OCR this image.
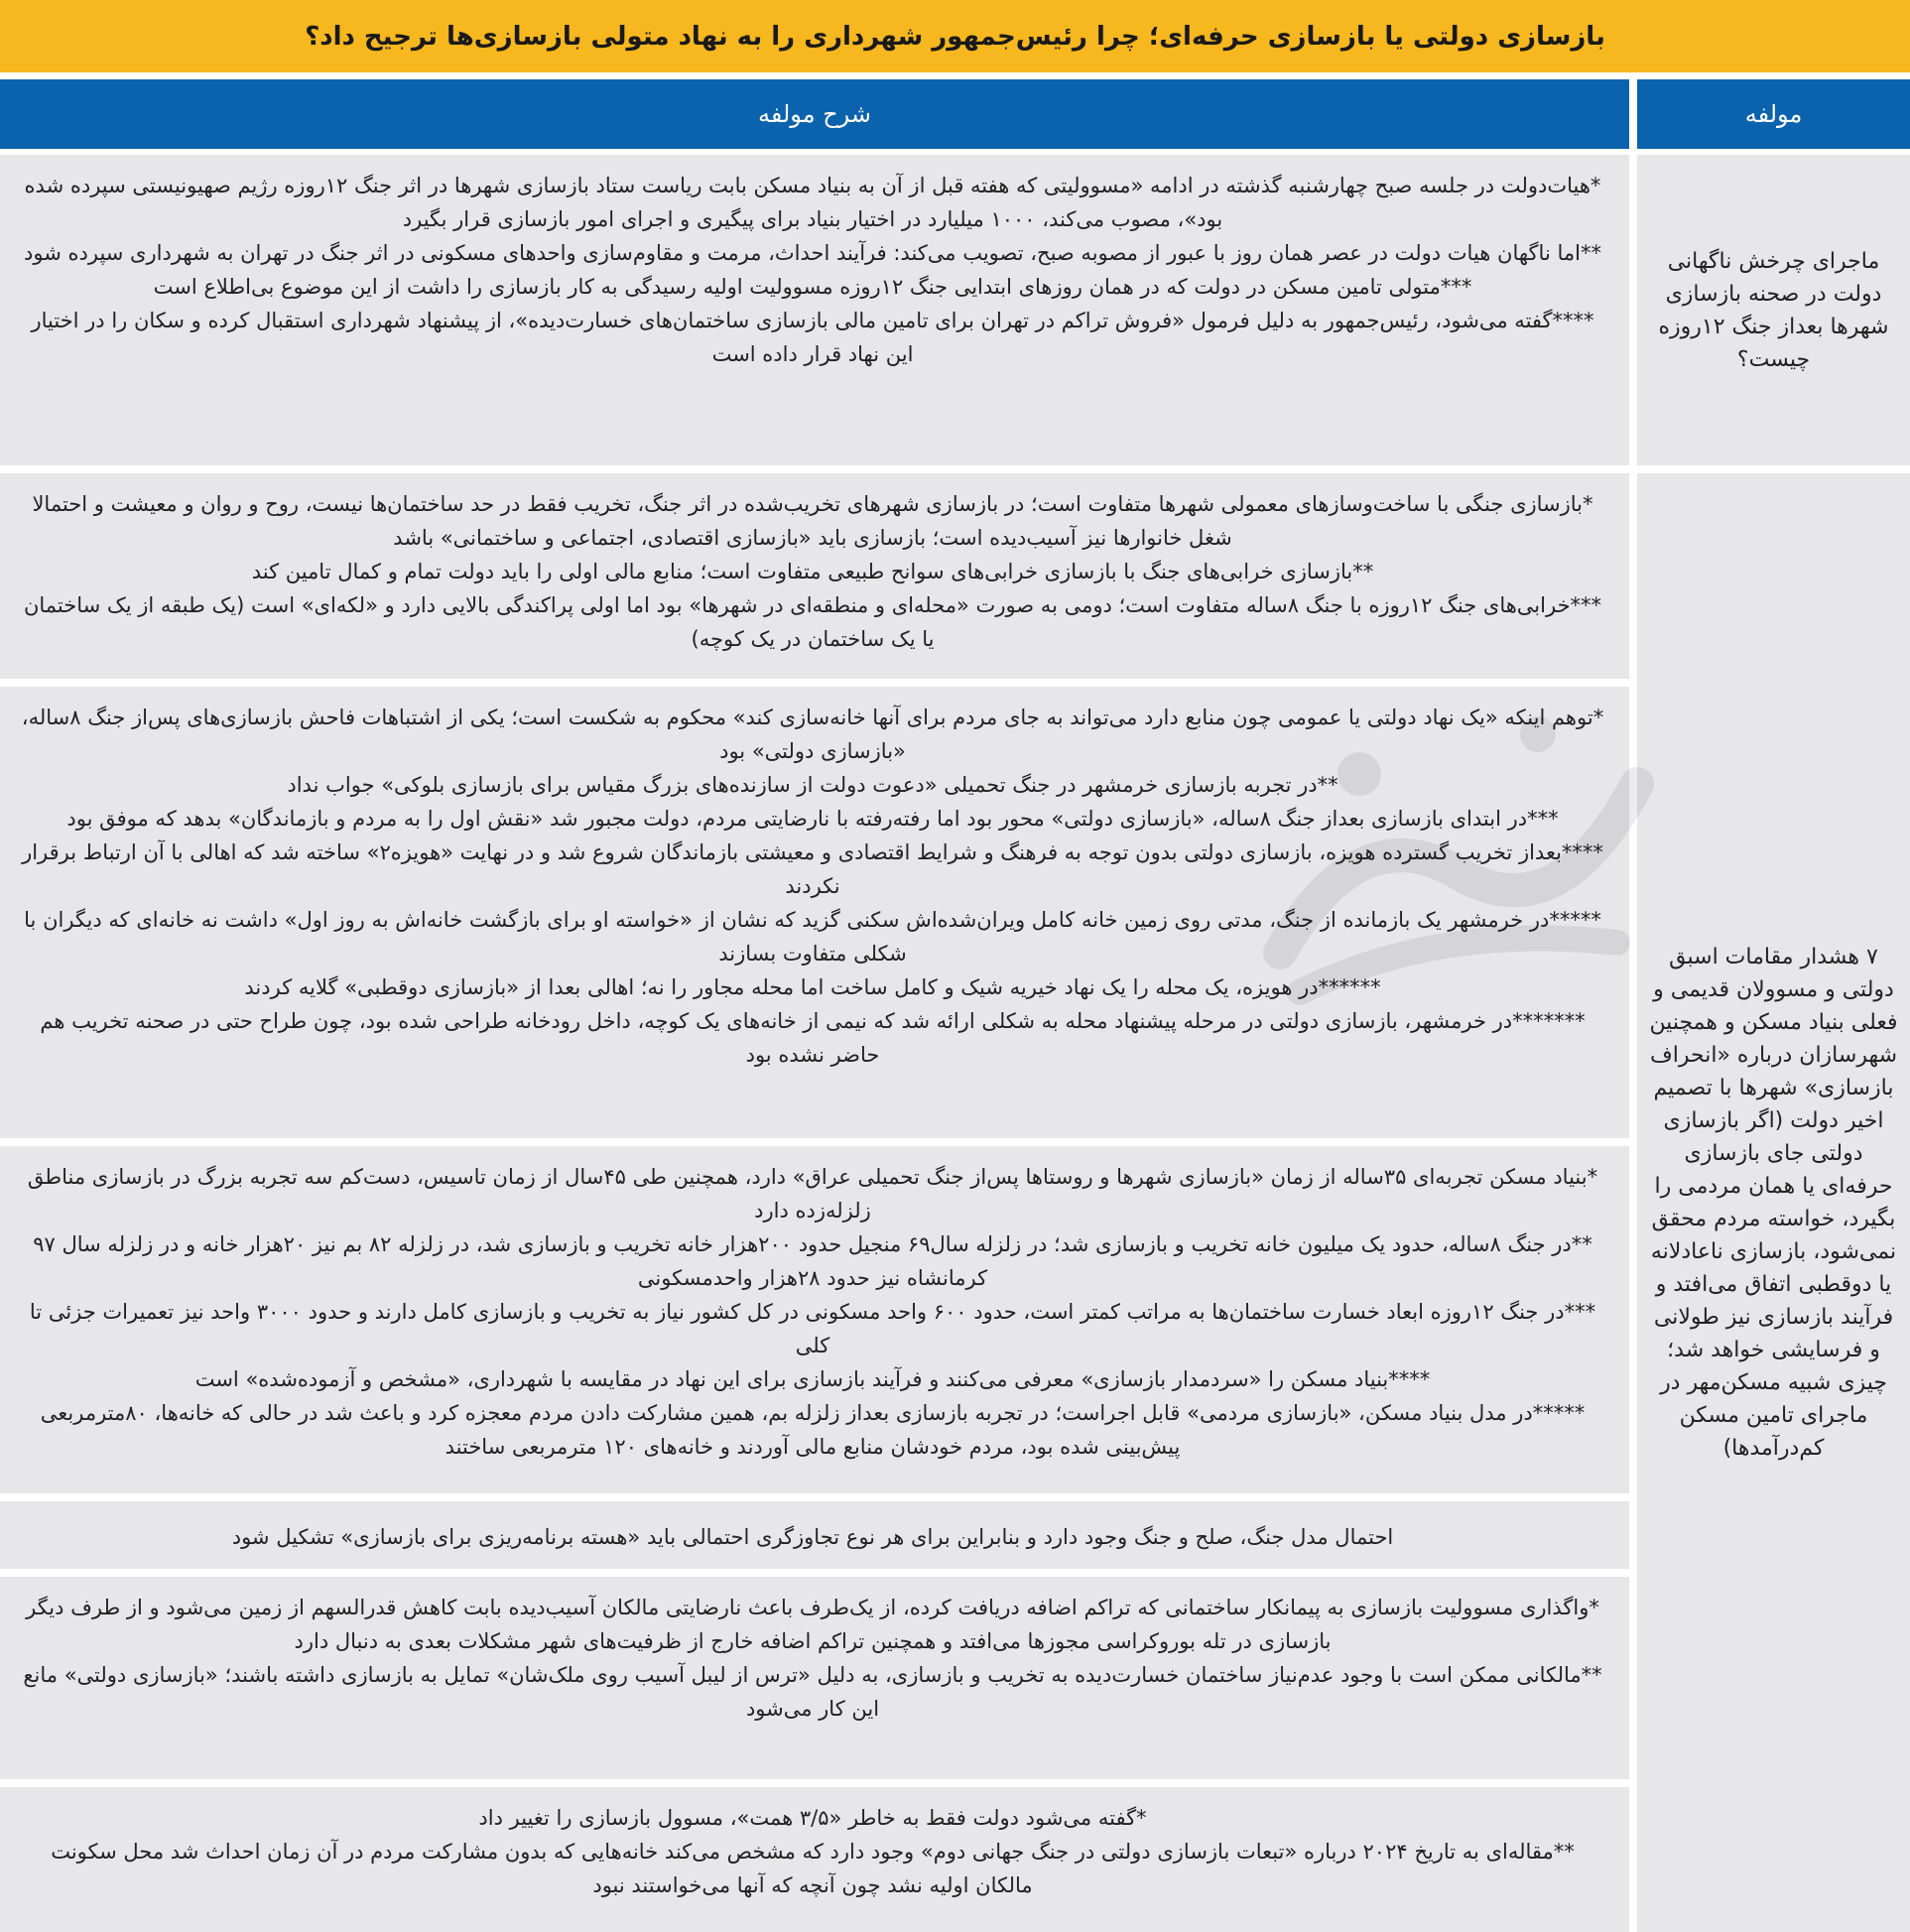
بازسازی دولتی یا بازسازی حرفه‌ای؛ چرا رئیس‌جمهور شهرداری را به نهاد متولی بازسازی‌ها ترجیح داد؟
مولفه
شرح مولفه

ماجرای چرخش ناگهانی دولت در صحنه بازسازی شهرها بعداز جنگ ۱۲روزه چیست؟

۷ هشدار مقامات اسبق دولتی و مسوولان قدیمی و فعلی بنیاد مسکن و همچنین شهرسازان درباره «انحراف بازسازی» شهرها با تصمیم اخیر دولت (اگر بازسازی دولتی جای بازسازی حرفه‌ای یا همان مردمی را بگیرد، خواسته مردم محقق نمی‌شود، بازسازی ناعادلانه یا دوقطبی اتفاق می‌افتد و فرآیند بازسازی نیز طولانی و فرسایشی خواهد شد؛ چیزی شبیه مسکن‌مهر در ماجرای تامین مسکن کم‌درآمدها)

*هیات‌دولت در جلسه صبح چهارشنبه گذشته در ادامه «مسوولیتی که هفته قبل از آن به بنیاد مسکن بابت ریاست ستاد بازسازی شهرها در اثر جنگ ۱۲روزه رژیم صهیونیستی سپرده شده بود»، مصوب می‌کند، ۱۰۰۰ میلیارد در اختیار بنیاد برای پیگیری و اجرای امور بازسازی قرار بگیرد

**اما ناگهان هیات دولت در عصر همان روز با عبور از مصوبه صبح، تصویب می‌کند: فرآیند احداث، مرمت و مقاوم‌سازی واحدهای مسکونی در اثر جنگ در تهران به شهرداری سپرده شود

***متولی تامین مسکن در دولت که در همان روزهای ابتدایی جنگ ۱۲روزه مسوولیت اولیه رسیدگی به کار بازسازی را داشت از این موضوع بی‌اطلاع است

****گفته می‌شود، رئیس‌جمهور به دلیل فرمول «فروش تراکم در تهران برای تامین مالی بازسازی ساختمان‌های خسارت‌دیده»، از پیشنهاد شهرداری استقبال کرده و سکان را در اختیار این نهاد قرار داده است

*بازسازی جنگی با ساخت‌وسازهای معمولی شهرها متفاوت است؛ در بازسازی شهرهای تخریب‌شده در اثر جنگ، تخریب فقط در حد ساختمان‌ها نیست، روح و روان و معیشت و احتمالا شغل خانوارها نیز آسیب‌دیده است؛ بازسازی باید «بازسازی اقتصادی، اجتماعی و ساختمانی» باشد

**بازسازی خرابی‌های جنگ با بازسازی خرابی‌های سوانح طبیعی متفاوت است؛ منابع مالی اولی را باید دولت تمام و کمال تامین کند

***خرابی‌های جنگ ۱۲روزه با جنگ ۸ساله متفاوت است؛ دومی به صورت «محله‌ای و منطقه‌ای در شهرها» بود اما اولی پراکندگی بالایی دارد و «لکه‌ای» است (یک طبقه از یک ساختمان یا یک ساختمان در یک کوچه)

*توهم اینکه «یک نهاد دولتی یا عمومی چون منابع دارد می‌تواند به جای مردم برای آنها خانه‌سازی کند» محکوم به شکست است؛ یکی از اشتباهات فاحش بازسازی‌های پس‌از جنگ ۸ساله، «بازسازی دولتی» بود

**در تجربه بازسازی خرمشهر در جنگ تحمیلی «دعوت دولت از سازنده‌های بزرگ مقیاس برای بازسازی بلوکی» جواب نداد

***در ابتدای بازسازی بعداز جنگ ۸ساله، «بازسازی دولتی» محور بود اما رفته‌رفته با نارضایتی مردم، دولت مجبور شد «نقش اول را به مردم و بازماندگان» بدهد که موفق بود

****بعداز تخریب گسترده هویزه، بازسازی دولتی بدون توجه به فرهنگ و شرایط اقتصادی و معیشتی بازماندگان شروع شد و در نهایت «هویزه۲» ساخته شد که اهالی با آن ارتباط برقرار نکردند

*****در خرمشهر یک بازمانده از جنگ، مدتی روی زمین خانه کامل ویران‌شده‌اش سکنی گزید که نشان از «خواسته او برای بازگشت خانه‌اش به روز اول» داشت نه خانه‌ای که دیگران با شکلی متفاوت بسازند

******در هویزه، یک محله را یک نهاد خیریه شیک و کامل ساخت اما محله مجاور را نه؛ اهالی بعدا از «بازسازی دوقطبی» گلایه کردند

*******در خرمشهر، بازسازی دولتی در مرحله پیشنهاد محله به شکلی ارائه شد که نیمی از خانه‌های یک کوچه، داخل رودخانه طراحی شده بود، چون طراح حتی در صحنه تخریب هم حاضر نشده بود

*بنیاد مسکن تجربه‌ای ۳۵ساله از زمان «بازسازی شهرها و روستاها پس‌از جنگ تحمیلی عراق» دارد، همچنین طی ۴۵سال از زمان تاسیس، دست‌کم سه تجربه بزرگ در بازسازی مناطق زلزله‌زده دارد

**در جنگ ۸ساله، حدود یک میلیون خانه تخریب و بازسازی شد؛ در زلزله سال۶۹ منجیل حدود ۲۰۰هزار خانه تخریب و بازسازی شد، در زلزله ۸۲ بم نیز ۲۰هزار خانه و در زلزله سال ۹۷ کرمانشاه نیز حدود ۲۸هزار واحدمسکونی

***در جنگ ۱۲روزه ابعاد خسارت ساختمان‌ها به مراتب کمتر است، حدود ۶۰۰ واحد مسکونی در کل کشور نیاز به تخریب و بازسازی کامل دارند و حدود ۳۰۰۰ واحد نیز تعمیرات جزئی تا کلی

****بنیاد مسکن را «سردمدار بازسازی» معرفی می‌کنند و فرآیند بازسازی برای این نهاد در مقایسه با شهرداری، «مشخص و آزموده‌شده» است

*****در مدل بنیاد مسکن، «بازسازی مردمی» قابل اجراست؛ در تجربه بازسازی بعداز زلزله بم، همین مشارکت دادن مردم معجزه کرد و باعث شد در حالی که خانه‌ها، ۸۰مترمربعی پیش‌بینی شده بود، مردم خودشان منابع مالی آوردند و خانه‌های ۱۲۰ مترمربعی ساختند

احتمال مدل جنگ، صلح و جنگ وجود دارد و بنابراین برای هر نوع تجاوزگری احتمالی باید «هسته برنامه‌ریزی برای بازسازی» تشکیل شود

*واگذاری مسوولیت بازسازی به پیمانکار ساختمانی که تراکم اضافه دریافت کرده، از یک‌طرف باعث نارضایتی مالکان آسیب‌دیده بابت کاهش قدرالسهم از زمین می‌شود و از طرف دیگر بازسازی در تله بوروکراسی مجوزها می‌افتد و همچنین تراکم اضافه خارج از ظرفیت‌های شهر مشکلات بعدی به دنبال دارد

**مالکانی ممکن است با وجود عدم‌نیاز ساختمان خسارت‌دیده به تخریب و بازسازی، به دلیل «ترس از لیبل آسیب روی ملک‌شان» تمایل به بازسازی داشته باشند؛ «بازسازی دولتی» مانع این کار می‌شود

*گفته می‌شود دولت فقط به خاطر «۳/۵ همت»، مسوول بازسازی را تغییر داد

**مقاله‌ای به تاریخ ۲۰۲۴ درباره «تبعات بازسازی دولتی در جنگ جهانی دوم» وجود دارد که مشخص می‌کند خانه‌هایی که بدون مشارکت مردم در آن زمان احداث شد محل سکونت مالکان اولیه نشد چون آنچه که آنها می‌خواستند نبود
